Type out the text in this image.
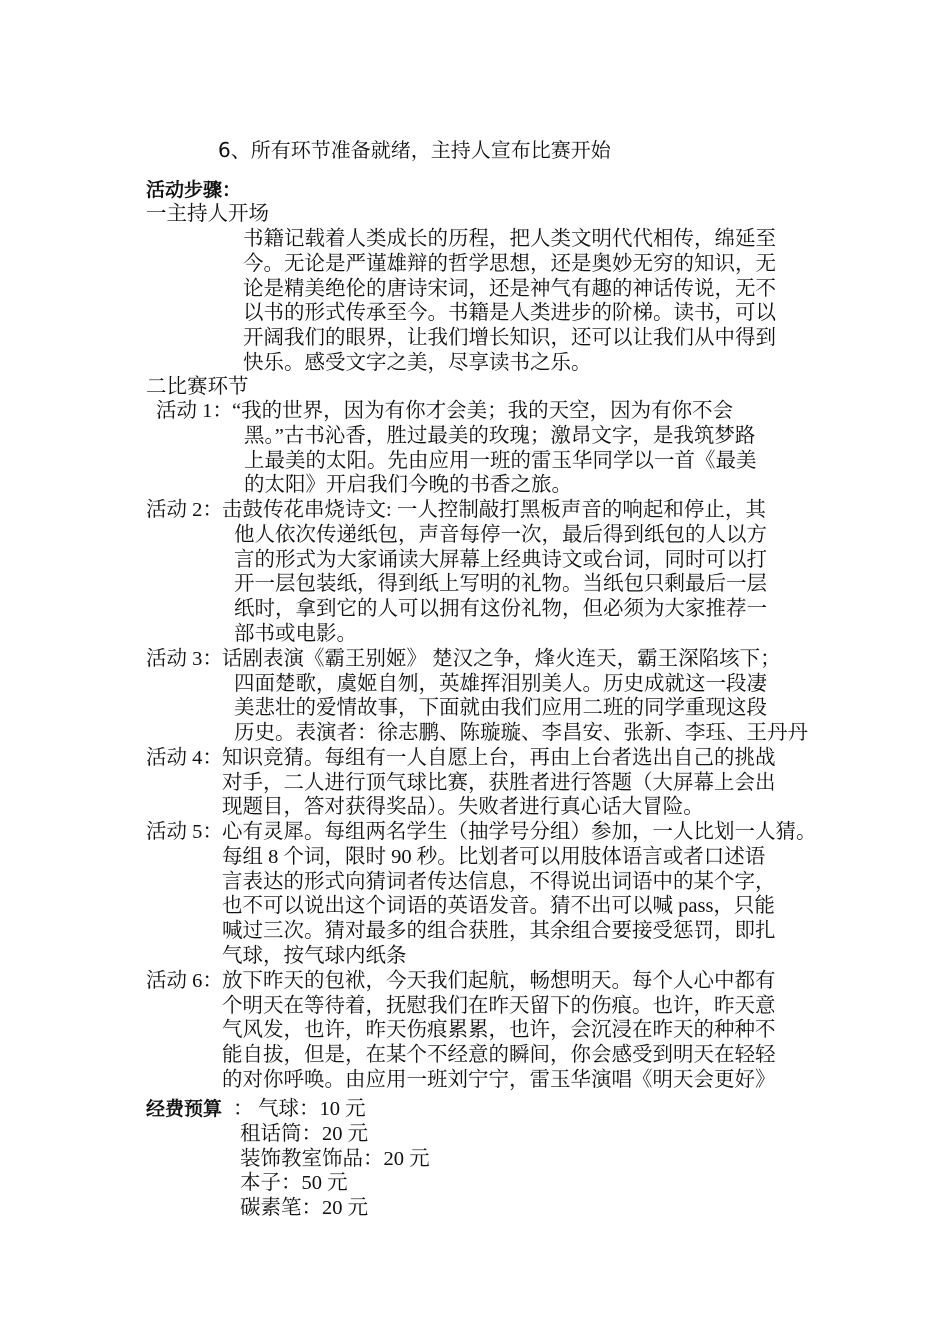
6、所有环节准备就绪，主持人宣布比赛开始
活动步骤：
一主持人开场
书籍记载着人类成长的历程，把人类文明代代相传，绵延至
今。无论是严谨雄辩的哲学思想，还是奥妙无穷的知识，无
论是精美绝伦的唐诗宋词，还是神气有趣的神话传说，无不
以书的形式传承至今。书籍是人类进步的阶梯。读书，可以
开阔我们的眼界，让我们增长知识，还可以让我们从中得到
快乐。感受文字之美，尽享读书之乐。
二比赛环节
活动 1： “我的世界，因为有你才会美；我的天空，因为有你不会
黑。”古书沁香，胜过最美的玫瑰；激昂文字，是我筑梦路
上最美的太阳。先由应用一班的雷玉华同学以一首《最美
的太阳》开启我们今晚的书香之旅。
活动 2： 击鼓传花串烧诗文: 一人控制敲打黑板声音的响起和停止，其
他人依次传递纸包，声音每停一次，最后得到纸包的人以方
言的形式为大家诵读大屏幕上经典诗文或台词，同时可以打
开一层包装纸，得到纸上写明的礼物。当纸包只剩最后一层
纸时，拿到它的人可以拥有这份礼物，但必须为大家推荐一
部书或电影。
活动 3： 话剧表演《霸王别姬》 楚汉之争，烽火连天，霸王深陷垓下；
四面楚歌，虞姬自刎，英雄挥泪别美人。历史成就这一段凄
美悲壮的爱情故事，下面就由我们应用二班的同学重现这段
历史。表演者：徐志鹏、陈璇璇、李昌安、张新、李珏、王丹丹
活动 4： 知识竞猜。每组有一人自愿上台，再由上台者选出自己的挑战
对手，二人进行顶气球比赛，获胜者进行答题（大屏幕上会出
现题目，答对获得奖品）。失败者进行真心话大冒险。
活动 5： 心有灵犀。每组两名学生（抽学号分组）参加，一人比划一人猜。
每组 8 个词，限时 90 秒。比划者可以用肢体语言或者口述语
言表达的形式向猜词者传达信息，不得说出词语中的某个字，
也不可以说出这个词语的英语发音。猜不出可以喊 pass，只能
喊过三次。猜对最多的组合获胜，其余组合要接受惩罚，即扎
气球，按气球内纸条
活动 6： 放下昨天的包袱，今天我们起航，畅想明天。每个人心中都有
个明天在等待着，抚慰我们在昨天留下的伤痕。也许，昨天意
气风发，也许，昨天伤痕累累，也许，会沉浸在昨天的种种不
能自拔，但是，在某个不经意的瞬间，你会感受到明天在轻轻
的对你呼唤。由应用一班刘宁宁，雷玉华演唱《明天会更好》
经费预算 ： 气球：10 元
租话筒：20 元
装饰教室饰品：20 元
本子：50 元
碳素笔：20 元
